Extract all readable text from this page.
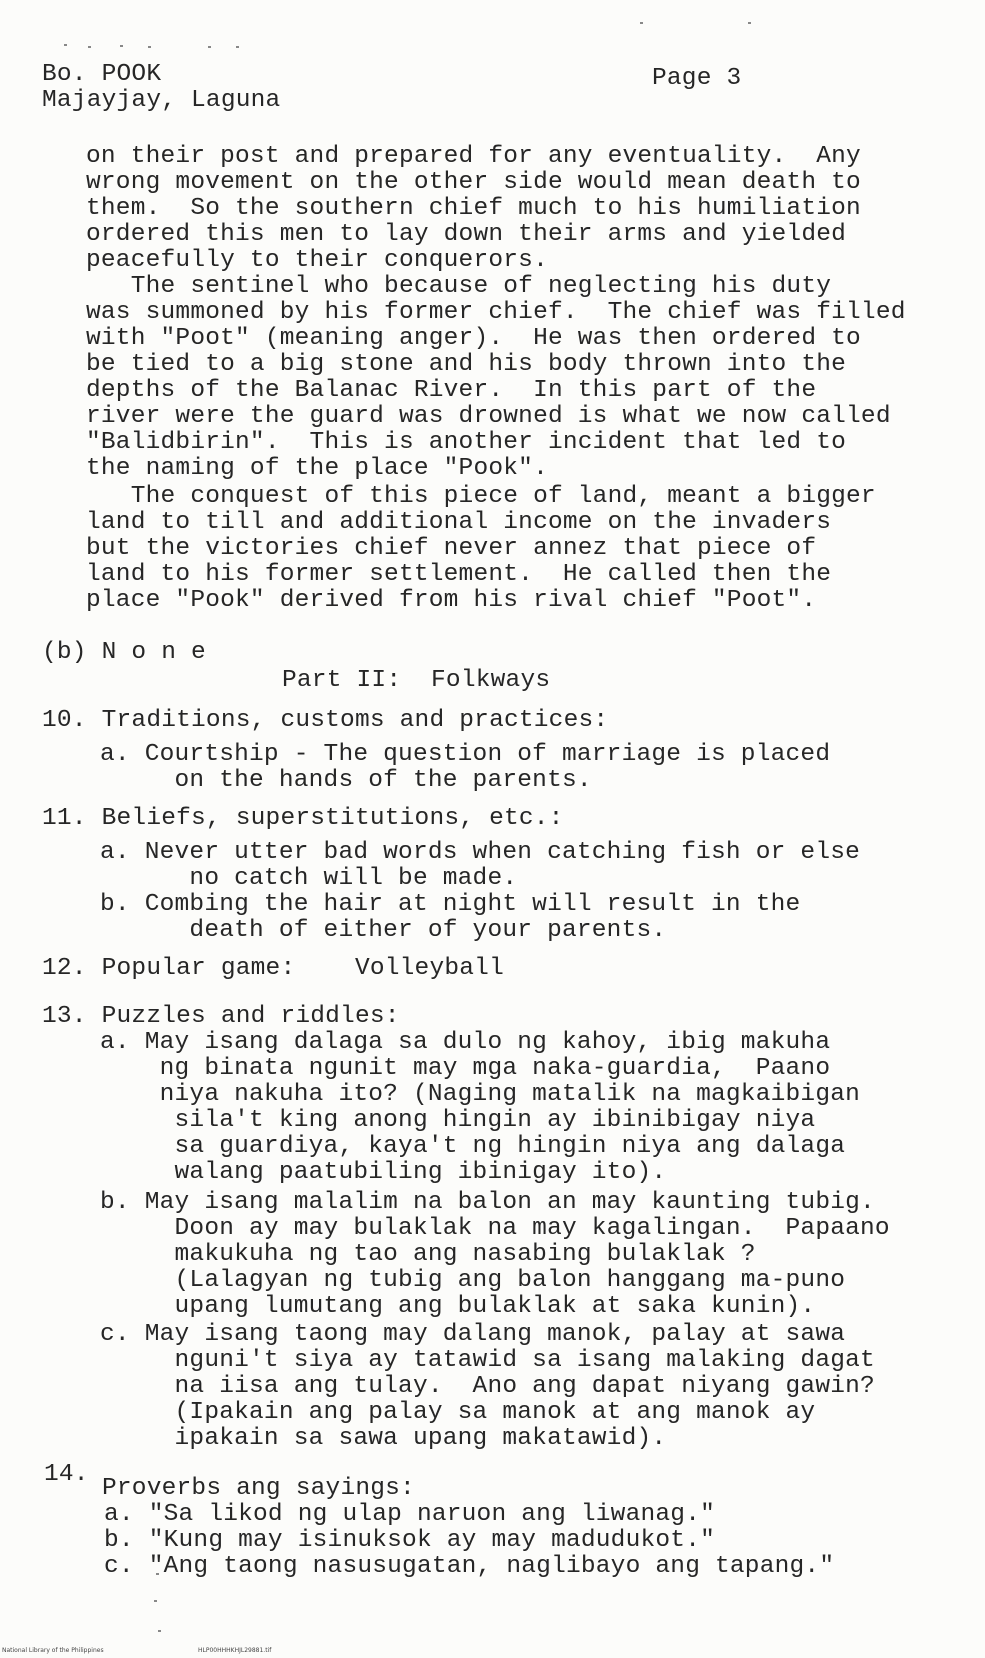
Bo. POOK
Majayjay, Laguna
Page 3
on their post and prepared for any eventuality.  Any
wrong movement on the other side would mean death to
them.  So the southern chief much to his humiliation
ordered this men to lay down their arms and yielded
peacefully to their conquerors.
The sentinel who because of neglecting his duty
was summoned by his former chief.  The chief was filled
with "Poot" (meaning anger).  He was then ordered to
be tied to a big stone and his body thrown into the
depths of the Balanac River.  In this part of the
river were the guard was drowned is what we now called
"Balidbirin".  This is another incident that led to
the naming of the place "Pook".
The conquest of this piece of land, meant a bigger
land to till and additional income on the invaders
but the victories chief never annez that piece of
land to his former settlement.  He called then the
place "Pook" derived from his rival chief "Poot".
(b) N o n e
Part II:  Folkways
10. Traditions, customs and practices:
a. Courtship - The question of marriage is placed
on the hands of the parents.
11. Beliefs, superstitutions, etc.:
a. Never utter bad words when catching fish or else
no catch will be made.
b. Combing the hair at night will result in the
death of either of your parents.
12. Popular game:    Volleyball
13. Puzzles and riddles:
a. May isang dalaga sa dulo ng kahoy, ibig makuha
ng binata ngunit may mga naka-guardia,  Paano
niya nakuha ito? (Naging matalik na magkaibigan
sila't king anong hingin ay ibinibigay niya
sa guardiya, kaya't ng hingin niya ang dalaga
walang paatubiling ibinigay ito).
b. May isang malalim na balon an may kaunting tubig.
Doon ay may bulaklak na may kagalingan.  Papaano
makukuha ng tao ang nasabing bulaklak ?
(Lalagyan ng tubig ang balon hanggang ma-puno
upang lumutang ang bulaklak at saka kunin).
c. May isang taong may dalang manok, palay at sawa
nguni't siya ay tatawid sa isang malaking dagat
na iisa ang tulay.  Ano ang dapat niyang gawin?
(Ipakain ang palay sa manok at ang manok ay
ipakain sa sawa upang makatawid).
14.
Proverbs ang sayings:
a. "Sa likod ng ulap naruon ang liwanag."
b. "Kung may isinuksok ay may madudukot."
c. "Ang taong nasusugatan, naglibayo ang tapang."
National Library of the Philippines	HLP00HHHKHJL29881.tif
